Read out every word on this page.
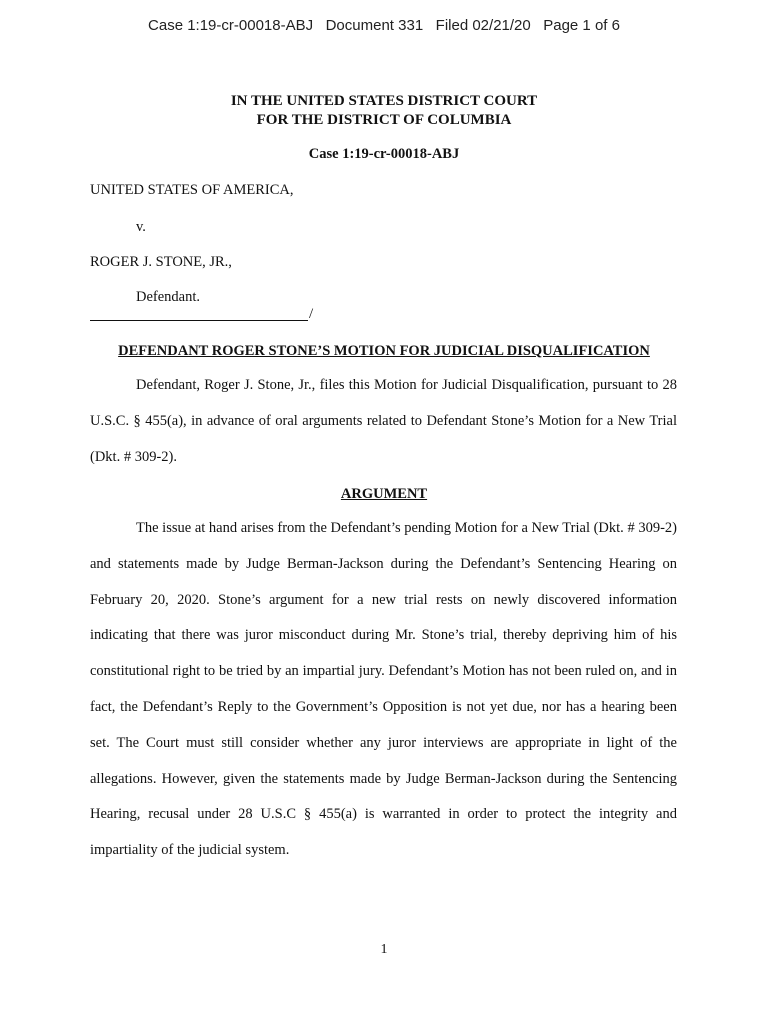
Case 1:19-cr-00018-ABJ   Document 331   Filed 02/21/20   Page 1 of 6
IN THE UNITED STATES DISTRICT COURT
FOR THE DISTRICT OF COLUMBIA
Case 1:19-cr-00018-ABJ
UNITED STATES OF AMERICA,
v.
ROGER J. STONE, JR.,
Defendant.
/
DEFENDANT ROGER STONE’S MOTION FOR JUDICIAL DISQUALIFICATION

Defendant, Roger J. Stone, Jr., files this Motion for Judicial Disqualification, pursuant to 28 U.S.C. § 455(a), in advance of oral arguments related to Defendant Stone’s Motion for a New Trial (Dkt. # 309-2).

ARGUMENT

The issue at hand arises from the Defendant’s pending Motion for a New Trial (Dkt. # 309-2) and statements made by Judge Berman-Jackson during the Defendant’s Sentencing Hearing on February 20, 2020. Stone’s argument for a new trial rests on newly discovered information indicating that there was juror misconduct during Mr. Stone’s trial, thereby depriving him of his constitutional right to be tried by an impartial jury. Defendant’s Motion has not been ruled on, and in fact, the Defendant’s Reply to the Government’s Opposition is not yet due, nor has a hearing been set. The Court must still consider whether any juror interviews are appropriate in light of the allegations. However, given the statements made by Judge Berman-Jackson during the Sentencing Hearing, recusal under 28 U.S.C § 455(a) is warranted in order to protect the integrity and impartiality of the judicial system.

1
